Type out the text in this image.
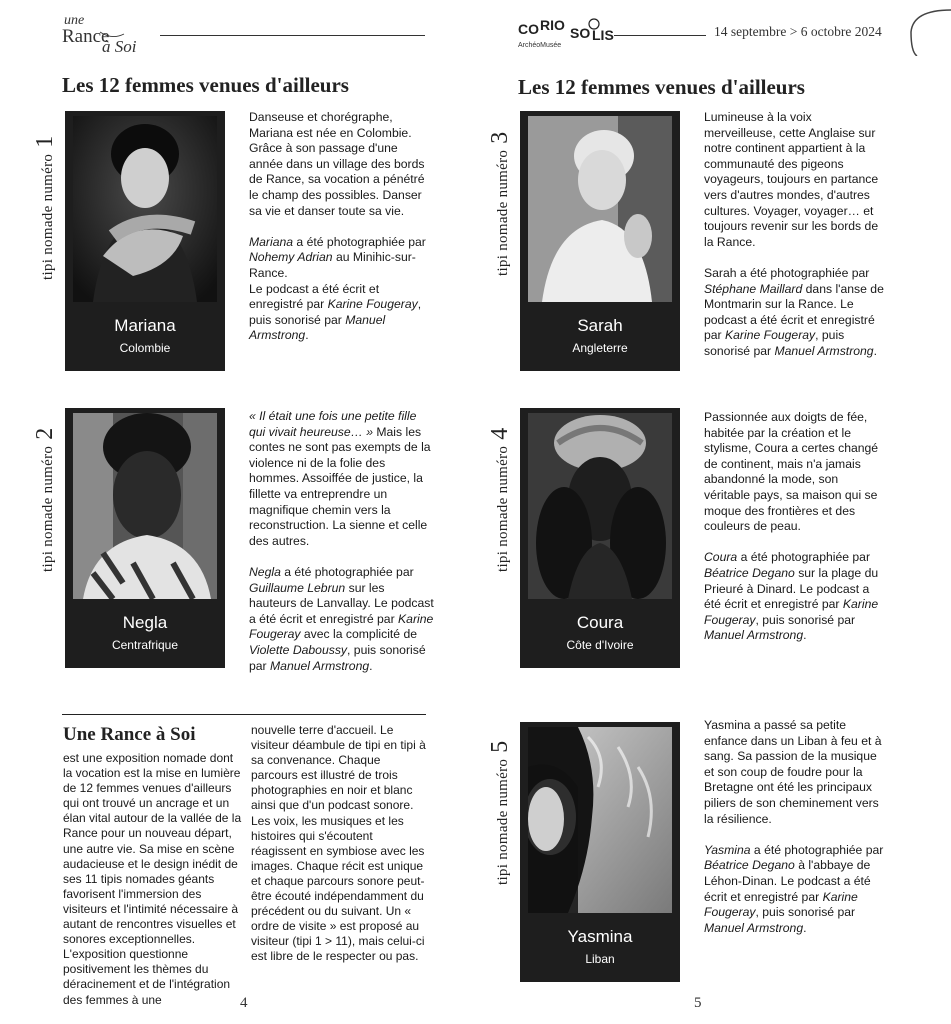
une
Rance
à Soi
CO RIO SO LIS
ArchéoMusée
14 septembre > 6 octobre 2024
Les 12 femmes venues d'ailleurs	Les 12 femmes venues d'ailleurs
tipi nomade numéro1
tipi nomade numéro2
tipi nomade numéro3
tipi nomade numéro4
tipi nomade numéro5
Mariana
Colombie

Danseuse et chorégraphe, Mariana est née en Colombie. Grâce à son passage d'une année dans un village des bords de Rance, sa vocation a pénétré le champ des possibles. Danser sa vie et danser toute sa vie.

Mariana a été photographiée par Nohemy Adrian au Minihic-sur-Rance.
Le podcast a été écrit et enregistré par Karine Fougeray, puis sonorisé par Manuel Armstrong.

Negla
Centrafrique

« Il était une fois une petite fille qui vivait heureuse… » Mais les contes ne sont pas exempts de la violence ni de la folie des hommes. Assoiffée de justice, la fillette va entreprendre un magnifique chemin vers la reconstruction. La sienne et celle des autres.

Negla a été photographiée par Guillaume Lebrun sur les hauteurs de Lanvallay. Le podcast a été écrit et enregistré par Karine Fougeray avec la complicité de Violette Daboussy, puis sonorisé par Manuel Armstrong.

Sarah
Angleterre

Lumineuse à la voix merveilleuse, cette Anglaise sur notre continent appartient à la communauté des pigeons voyageurs, toujours en partance vers d'autres mondes, d'autres cultures. Voyager, voyager… et toujours revenir sur les bords de la Rance.

Sarah a été photographiée par Stéphane Maillard dans l'anse de Montmarin sur la Rance. Le podcast a été écrit et enregistré par Karine Fougeray, puis sonorisé par Manuel Armstrong.

Coura
Côte d'Ivoire

Passionnée aux doigts de fée, habitée par la création et le stylisme, Coura a certes changé de continent, mais n'a jamais abandonné la mode, son véritable pays, sa maison qui se moque des frontières et des couleurs de peau.

Coura a été photographiée par Béatrice Degano sur la plage du Prieuré à Dinard. Le podcast a été écrit et enregistré par Karine Fougeray, puis sonorisé par Manuel Armstrong.

Yasmina
Liban

Yasmina a passé sa petite enfance dans un Liban à feu et à sang. Sa passion de la musique et son coup de foudre pour la Bretagne ont été les principaux piliers de son cheminement vers la résilience.

Yasmina a été photographiée par Béatrice Degano à l'abbaye de Léhon-Dinan. Le podcast a été écrit et enregistré par Karine Fougeray, puis sonorisé par Manuel Armstrong.

Une Rance à Soi
est une exposition nomade dont la vocation est la mise en lumière de 12 femmes venues d'ailleurs qui ont trouvé un ancrage et un élan vital autour de la vallée de la Rance pour un nouveau départ, une autre vie. Sa mise en scène audacieuse et le design inédit de ses 11 tipis nomades géants favorisent l'immersion des visiteurs et l'intimité nécessaire à autant de rencontres visuelles et sonores exceptionnelles. L'exposition questionne positivement les thèmes du déracinement et de l'intégration des femmes à une
nouvelle terre d'accueil. Le visiteur déambule de tipi en tipi à sa convenance. Chaque parcours est illustré de trois photographies en noir et blanc ainsi que d'un podcast sonore. Les voix, les musiques et les histoires qui s'écoutent réagissent en symbiose avec les images. Chaque récit est unique et chaque parcours sonore peut-être écouté indépendamment du précédent ou du suivant. Un « ordre de visite » est proposé au visiteur (tipi 1 > 11), mais celui-ci est libre de le respecter ou pas.
4	5
